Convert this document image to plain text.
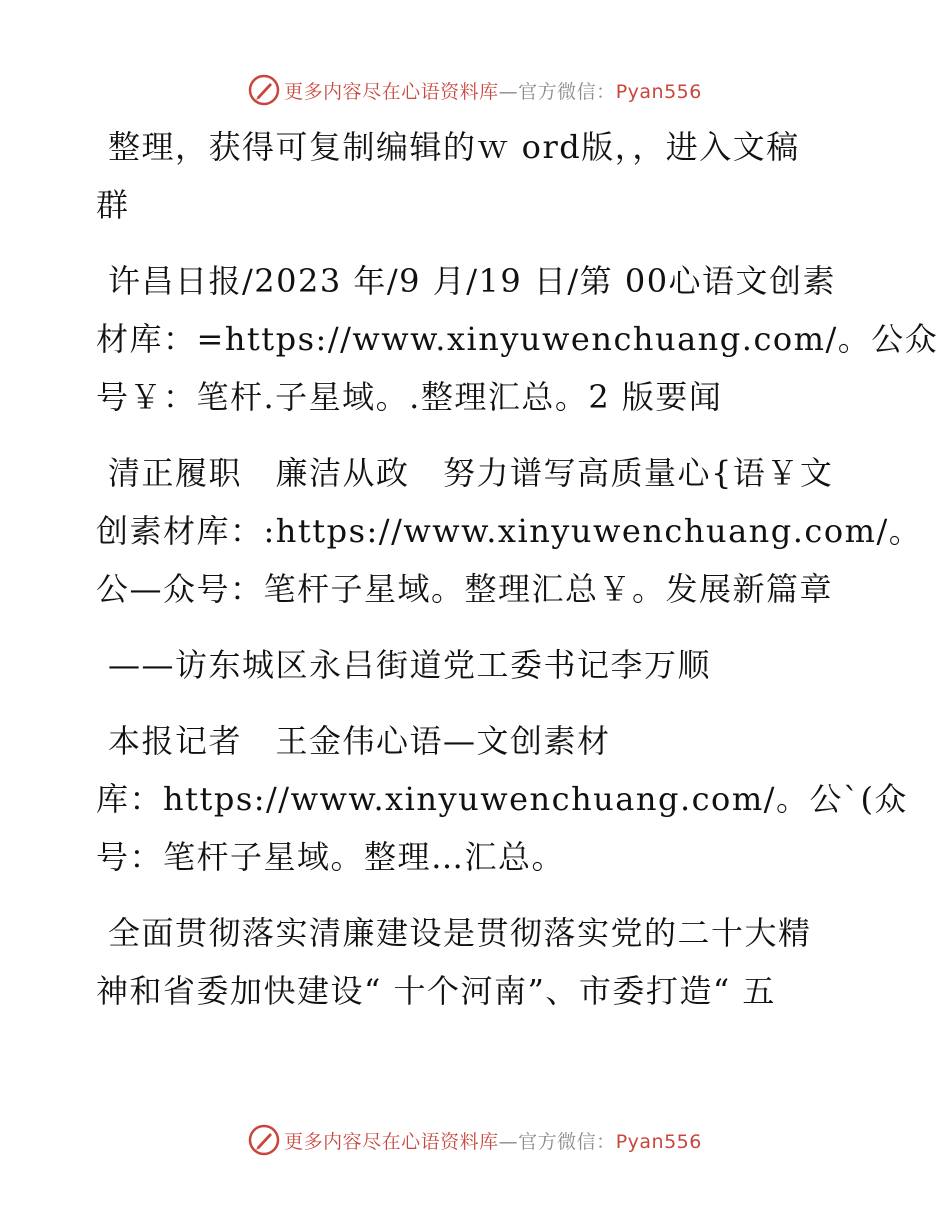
更多内容尽在心语资料库—官方微信：Pyan556

整理，获得可复制编辑的ｗ ord版，，进入文稿
群

许昌日报/2023 年/9 月/19 日/第 00心语文创素
材库：=https://www.xinyuwenchuang.com/。公众
号￥：笔杆.子星域。.整理汇总。2 版要闻

清正履职　廉洁从政　努力谱写高质量心{语￥文
创素材库：:https://www.xinyuwenchuang.com/。
公—众号：笔杆子星域。整理汇总￥。发展新篇章

——访东城区永吕街道党工委书记李万顺

本报记者　王金伟心语—文创素材
库：https://www.xinyuwenchuang.com/。公`(众
号：笔杆子星域。整理…汇总。

全面贯彻落实清廉建设是贯彻落实党的二十大精
神和省委加快建设“ 十个河南”、市委打造“ 五

更多内容尽在心语资料库—官方微信：Pyan556
